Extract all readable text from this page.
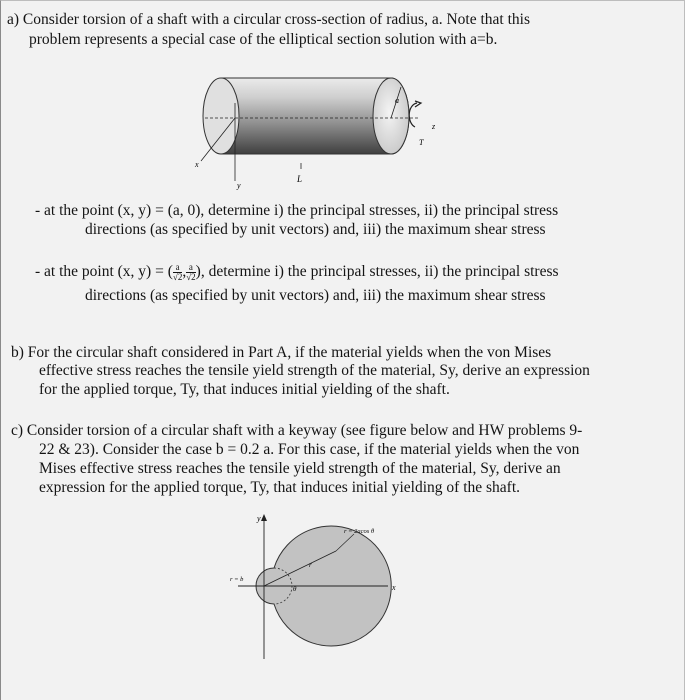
a) Consider torsion of a shaft with a circular cross-section of radius, a. Note that this
problem represents a special case of the elliptical section solution with a=b.
x
y
z
a
T
L
- at the point (x, y) = (a, 0), determine i) the principal stresses, ii) the principal stress
directions (as specified by unit vectors) and, iii) the maximum shear stress
- at the point (x, y) = ( $\frac{a}{√2}$ , $\frac{a}{√2}$ ), determine i) the principal stresses, ii) the principal stress
directions (as specified by unit vectors) and, iii) the maximum shear stress
b) For the circular shaft considered in Part A, if the material yields when the von Mises
effective stress reaches the tensile yield strength of the material, Sy, derive an expression
for the applied torque, Ty, that induces initial yielding of the shaft.
c) Consider torsion of a circular shaft with a keyway (see figure below and HW problems 9-
22 & 23). Consider the case b = 0.2 a. For this case, if the material yields when the von
Mises effective stress reaches the tensile yield strength of the material, Sy, derive an
expression for the applied torque, Ty, that induces initial yielding of the shaft.
y
x
r = b
r
θ
r = 2acos θ
